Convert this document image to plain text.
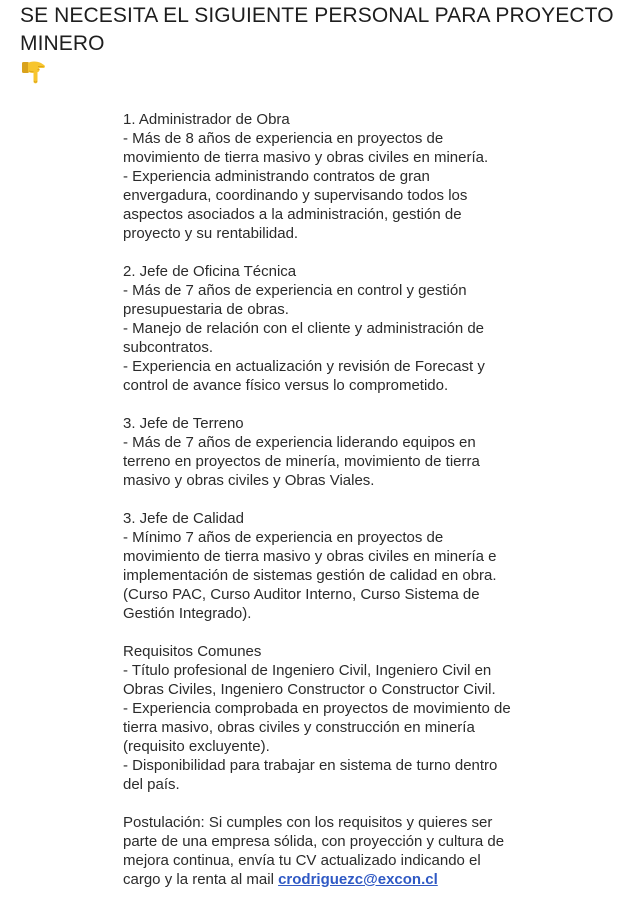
SE NECESITA EL SIGUIENTE PERSONAL PARA PROYECTO
MINERO
1. Administrador de Obra
- Más de 8 años de experiencia en proyectos de
movimiento de tierra masivo y obras civiles en minería.
- Experiencia administrando contratos de gran
envergadura, coordinando y supervisando todos los
aspectos asociados a la administración, gestión de
proyecto y su rentabilidad.
2. Jefe de Oficina Técnica
- Más de 7 años de experiencia en control y gestión
presupuestaria de obras.
- Manejo de relación con el cliente y administración de
subcontratos.
- Experiencia en actualización y revisión de Forecast y
control de avance físico versus lo comprometido.
3. Jefe de Terreno
- Más de 7 años de experiencia liderando equipos en
terreno en proyectos de minería, movimiento de tierra
masivo y obras civiles y Obras Viales.
3. Jefe de Calidad
- Mínimo 7 años de experiencia en proyectos de
movimiento de tierra masivo y obras civiles en minería e
implementación de sistemas gestión de calidad en obra.
(Curso PAC, Curso Auditor Interno, Curso Sistema de
Gestión Integrado).
Requisitos Comunes
- Título profesional de Ingeniero Civil, Ingeniero Civil en
Obras Civiles, Ingeniero Constructor o Constructor Civil.
- Experiencia comprobada en proyectos de movimiento de
tierra masivo, obras civiles y construcción en minería
(requisito excluyente).
- Disponibilidad para trabajar en sistema de turno dentro
del país.
Postulación: Si cumples con los requisitos y quieres ser
parte de una empresa sólida, con proyección y cultura de
mejora continua, envía tu CV actualizado indicando el
cargo y la renta al mail crodriguezc@excon.cl
